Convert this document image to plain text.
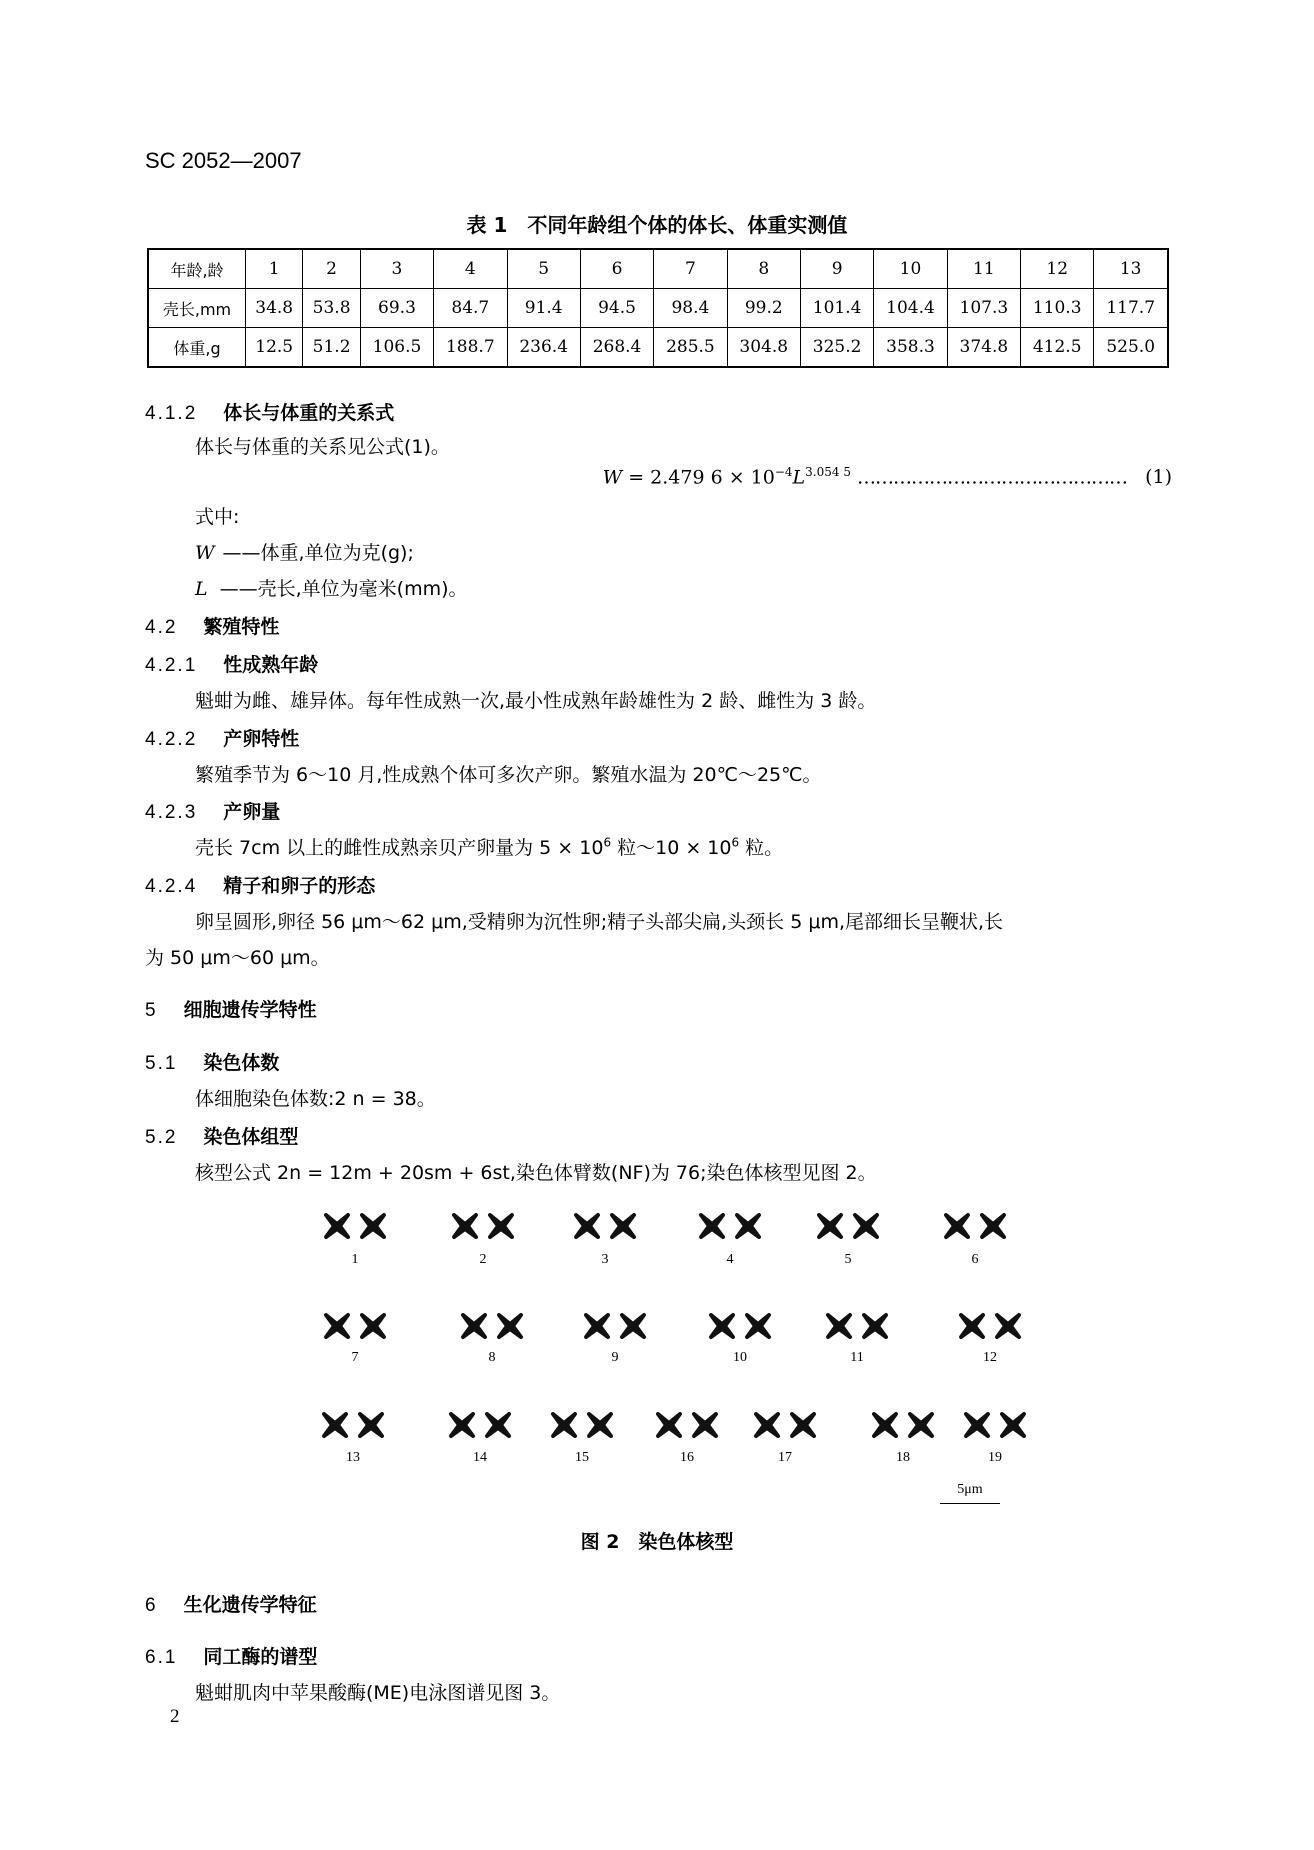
SC 2052—2007
表 1　不同年龄组个体的体长、体重实测值
年龄,龄	1	2	3	4	5	6	7	8	9	10	11	12	13
壳长,mm	34.8	53.8	69.3	84.7	91.4	94.5	98.4	99.2	101.4	104.4	107.3	110.3	117.7
体重,g	12.5	51.2	106.5	188.7	236.4	268.4	285.5	304.8	325.2	358.3	374.8	412.5	525.0
4.1.2 体长与体重的关系式
体长与体重的关系见公式(1)。
W = 2.479 $6 \times 10^{-4}L^{3.054 5}$ ……………………………………… (1)
式中:
W ——体重,单位为克(g);
L ——壳长,单位为毫米(mm)。
4.2 繁殖特性
4.2.1 性成熟年龄
魁蚶为雌、雄异体。每年性成熟一次,最小性成熟年龄雄性为 2 龄、雌性为 3 龄。
4.2.2 产卵特性
繁殖季节为 6～10 月,性成熟个体可多次产卵。繁殖水温为 20℃～25℃。
4.2.3 产卵量
壳长 7cm 以上的雌性成熟亲贝产卵量为 $5 \times 10^6$ 粒～10 × $10^6$ 粒。
4.2.4 精子和卵子的形态
卵呈圆形,卵径 56 μm～62 μm,受精卵为沉性卵;精子头部尖扁,头颈长 5 μm,尾部细长呈鞭状,长
为 50 μm～60 μm。
5 细胞遗传学特性
5.1 染色体数
体细胞染色体数:2 n = 38。
5.2 染色体组型
核型公式 2n = 12m + 20sm + 6st,染色体臂数(NF)为 76;染色体核型见图 2。
1	2	3	4	5	6
7	8	9	10	11	12
13	14	15	16	17	18	19
5μm
图 2　染色体核型
6 生化遗传学特征
6.1 同工酶的谱型
魁蚶肌肉中苹果酸酶(ME)电泳图谱见图 3。
2
